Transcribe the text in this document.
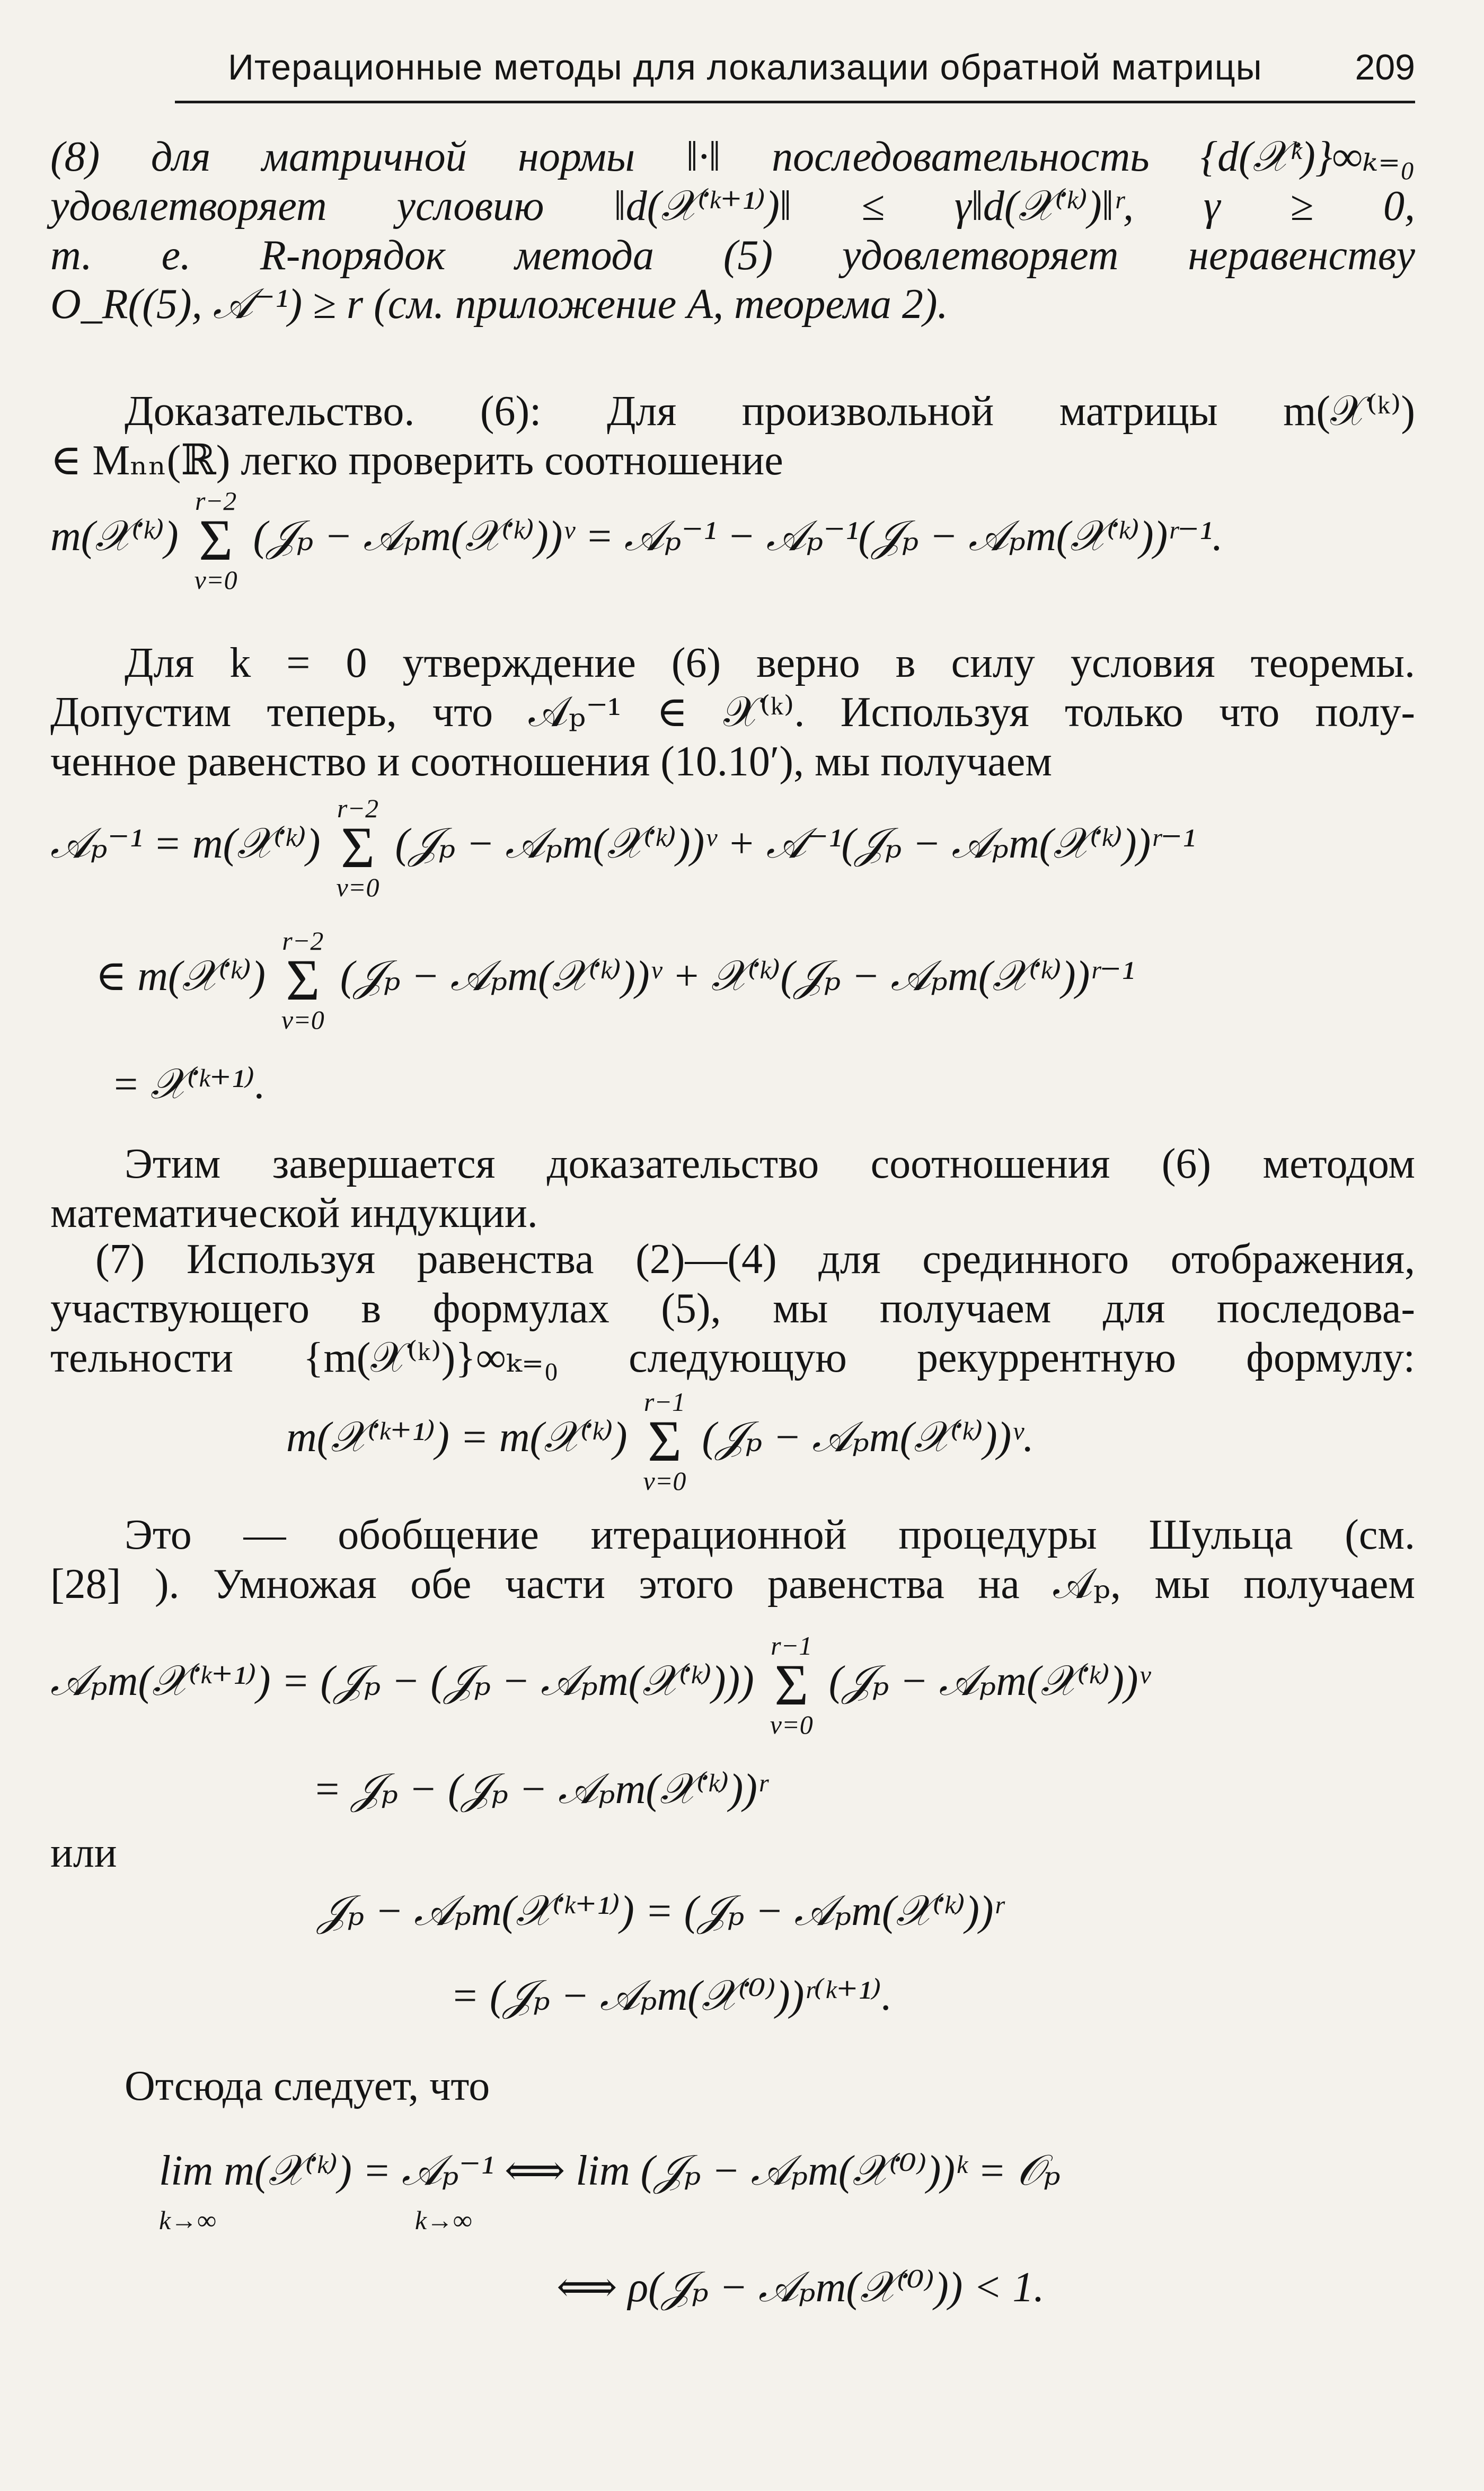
Итерационные методы для локализации обратной матрицы	209
(8) для матричной нормы ‖·‖ последовательность {d(𝒳ᵏ)}∞ₖ₌₀
удовлетворяет условию ‖d(𝒳⁽ᵏ⁺¹⁾)‖ ≤ γ‖d(𝒳⁽ᵏ⁾)‖ʳ, γ ≥ 0,
т. е. R-порядок метода (5) удовлетворяет неравенству
O_R((5), 𝒜⁻¹) ≥ r (см. приложение A, теорема 2).
Доказательство. (6): Для произвольной матрицы m(𝒳⁽ᵏ⁾)
∈ Mₙₙ(ℝ) легко проверить соотношение
m(𝒳⁽ᵏ⁾)
r−2
Σ
ν=0
(𝒥ₚ − 𝒜ₚm(𝒳⁽ᵏ⁾))ᵛ = 𝒜ₚ⁻¹ − 𝒜ₚ⁻¹(𝒥ₚ − 𝒜ₚm(𝒳⁽ᵏ⁾))ʳ⁻¹.
Для k = 0 утверждение (6) верно в силу условия теоремы.
Допустим теперь, что 𝒜ₚ⁻¹ ∈ 𝒳⁽ᵏ⁾. Используя только что полу-
ченное равенство и соотношения (10.10′), мы получаем
𝒜ₚ⁻¹ = m(𝒳⁽ᵏ⁾)
r−2
Σ
ν=0
(𝒥ₚ − 𝒜ₚm(𝒳⁽ᵏ⁾))ᵛ + 𝒜⁻¹(𝒥ₚ − 𝒜ₚm(𝒳⁽ᵏ⁾))ʳ⁻¹
∈ m(𝒳⁽ᵏ⁾)
r−2
Σ
ν=0
(𝒥ₚ − 𝒜ₚm(𝒳⁽ᵏ⁾))ᵛ + 𝒳⁽ᵏ⁾(𝒥ₚ − 𝒜ₚm(𝒳⁽ᵏ⁾))ʳ⁻¹
= 𝒳⁽ᵏ⁺¹⁾.
Этим завершается доказательство соотношения (6) методом
математической индукции.
(7) Используя равенства (2)—(4) для срединного отображения,
участвующего в формулах (5), мы получаем для последова-
тельности {m(𝒳⁽ᵏ⁾)}∞ₖ₌₀ следующую рекуррентную формулу:
m(𝒳⁽ᵏ⁺¹⁾) = m(𝒳⁽ᵏ⁾)
r−1
Σ
ν=0
(𝒥ₚ − 𝒜ₚm(𝒳⁽ᵏ⁾))ᵛ.
Это — обобщение итерационной процедуры Шульца (см.
[28] ). Умножая обе части этого равенства на 𝒜ₚ, мы получаем
𝒜ₚm(𝒳⁽ᵏ⁺¹⁾) = (𝒥ₚ − (𝒥ₚ − 𝒜ₚm(𝒳⁽ᵏ⁾)))
r−1
Σ
ν=0
(𝒥ₚ − 𝒜ₚm(𝒳⁽ᵏ⁾))ᵛ
= 𝒥ₚ − (𝒥ₚ − 𝒜ₚm(𝒳⁽ᵏ⁾))ʳ
или
𝒥ₚ − 𝒜ₚm(𝒳⁽ᵏ⁺¹⁾) = (𝒥ₚ − 𝒜ₚm(𝒳⁽ᵏ⁾))ʳ
= (𝒥ₚ − 𝒜ₚm(𝒳⁽⁰⁾))ʳ⁽ᵏ⁺¹⁾.
Отсюда следует, что
lim m(𝒳⁽ᵏ⁾) = 𝒜ₚ⁻¹ ⟺ lim (𝒥ₚ − 𝒜ₚm(𝒳⁽⁰⁾))ᵏ = 𝒪ₚ
k→∞                              k→∞
⟺ ρ(𝒥ₚ − 𝒜ₚm(𝒳⁽⁰⁾)) < 1.
